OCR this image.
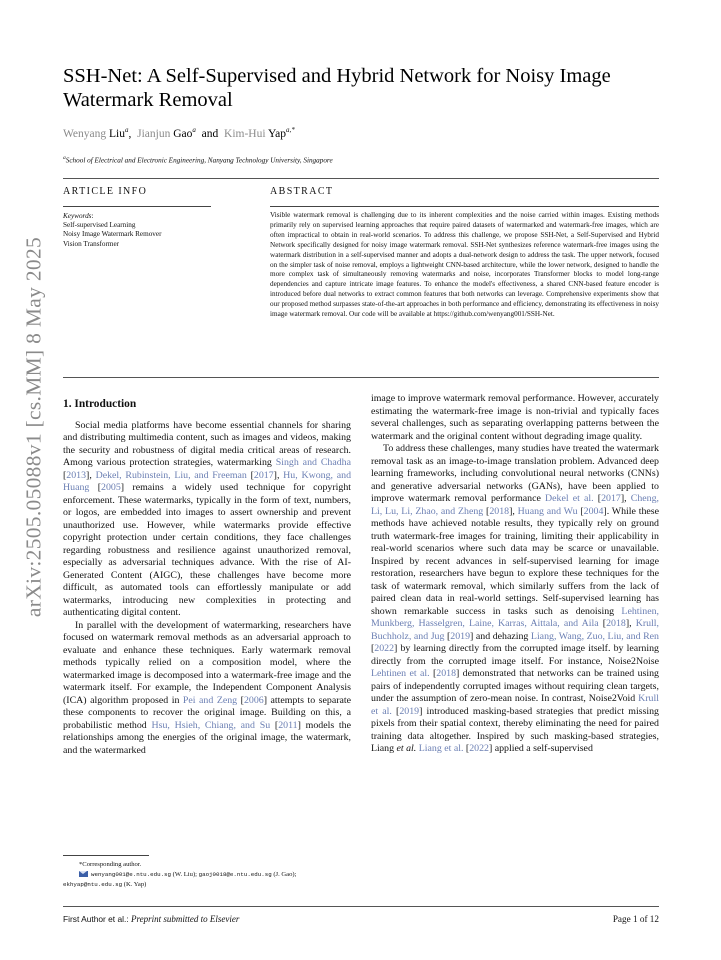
arXiv:2505.05088v1 [cs.MM] 8 May 2025
SSH-Net: A Self-Supervised and Hybrid Network for Noisy Image Watermark Removal
Wenyang Liu$^a$, Jianjun Gao$^a$ and Kim-Hui Yap$^{a,*}$
$^a$School of Electrical and Electronic Engineering, Nanyang Technology University, Singapore
ARTICLE INFO	ABSTRACT
Keywords:
Self-supervised Learning
Noisy Image Watermark Remover
Vision Transformer
Visible watermark removal is challenging due to its inherent complexities and the noise carried within images. Existing methods primarily rely on supervised learning approaches that require paired datasets of watermarked and watermark-free images, which are often impractical to obtain in real-world scenarios. To address this challenge, we propose SSH-Net, a Self-Supervised and Hybrid Network specifically designed for noisy image watermark removal. SSH-Net synthesizes reference watermark-free images using the watermark distribution in a self-supervised manner and adopts a dual-network design to address the task. The upper network, focused on the simpler task of noise removal, employs a lightweight CNN-based architecture, while the lower network, designed to handle the more complex task of simultaneously removing watermarks and noise, incorporates Transformer blocks to model long-range dependencies and capture intricate image features. To enhance the model's effectiveness, a shared CNN-based feature encoder is introduced before dual networks to extract common features that both networks can leverage. Comprehensive experiments show that our proposed method surpasses state-of-the-art approaches in both performance and efficiency, demonstrating its effectiveness in noisy image watermark removal. Our code will be available at https://github.com/wenyang001/SSH-Net.
1. Introduction

Social media platforms have become essential channels for sharing and distributing multimedia content, such as images and videos, making the security and robustness of digital media critical areas of research. Among various protection strategies, watermarking Singh and Chadha [2013], Dekel, Rubinstein, Liu, and Freeman [2017], Hu, Kwong, and Huang [2005] remains a widely used technique for copyright enforcement. These watermarks, typically in the form of text, numbers, or logos, are embedded into images to assert ownership and prevent unauthorized use. However, while watermarks provide effective copyright protection under certain conditions, they face challenges regarding robustness and resilience against unauthorized removal, especially as adversarial techniques advance. With the rise of AI-Generated Content (AIGC), these challenges have become more difficult, as automated tools can effortlessly manipulate or add watermarks, introducing new complexities in protecting and authenticating digital content.

In parallel with the development of watermarking, researchers have focused on watermark removal methods as an adversarial approach to evaluate and enhance these techniques. Early watermark removal methods typically relied on a composition model, where the watermarked image is decomposed into a watermark-free image and the watermark itself. For example, the Independent Component Analysis (ICA) algorithm proposed in Pei and Zeng [2006] attempts to separate these components to recover the original image. Building on this, a probabilistic method Hsu, Hsieh, Chiang, and Su [2011] models the relationships among the energies of the original image, the watermark, and the watermarked

image to improve watermark removal performance. However, accurately estimating the watermark-free image is non-trivial and typically faces several challenges, such as separating overlapping patterns between the watermark and the original content without degrading image quality.

To address these challenges, many studies have treated the watermark removal task as an image-to-image translation problem. Advanced deep learning frameworks, including convolutional neural networks (CNNs) and generative adversarial networks (GANs), have been applied to improve watermark removal performance Dekel et al. [2017], Cheng, Li, Lu, Li, Zhao, and Zheng [2018], Huang and Wu [2004]. While these methods have achieved notable results, they typically rely on ground truth watermark-free images for training, limiting their applicability in real-world scenarios where such data may be scarce or unavailable. Inspired by recent advances in self-supervised learning for image restoration, researchers have begun to explore these techniques for the task of watermark removal, which similarly suffers from the lack of paired clean data in real-world settings. Self-supervised learning has shown remarkable success in tasks such as denoising Lehtinen, Munkberg, Hasselgren, Laine, Karras, Aittala, and Aila [2018], Krull, Buchholz, and Jug [2019] and dehazing Liang, Wang, Zuo, Liu, and Ren [2022] by learning directly from the corrupted image itself. by learning directly from the corrupted image itself. For instance, Noise2Noise Lehtinen et al. [2018] demonstrated that networks can be trained using pairs of independently corrupted images without requiring clean targets, under the assumption of zero-mean noise. In contrast, Noise2Void Krull et al. [2019] introduced masking-based strategies that predict missing pixels from their spatial context, thereby eliminating the need for paired training data altogether. Inspired by such masking-based strategies, Liang et al. Liang et al. [2022] applied a self-supervised

*Corresponding author.
wenyang001@e.ntu.edu.sg (W. Liu); gaoj0018@e.ntu.edu.sg (J. Gao);
ekhyap@ntu.edu.sg (K. Yap)
First Author et al.: Preprint submitted to Elsevier	Page 1 of 12
